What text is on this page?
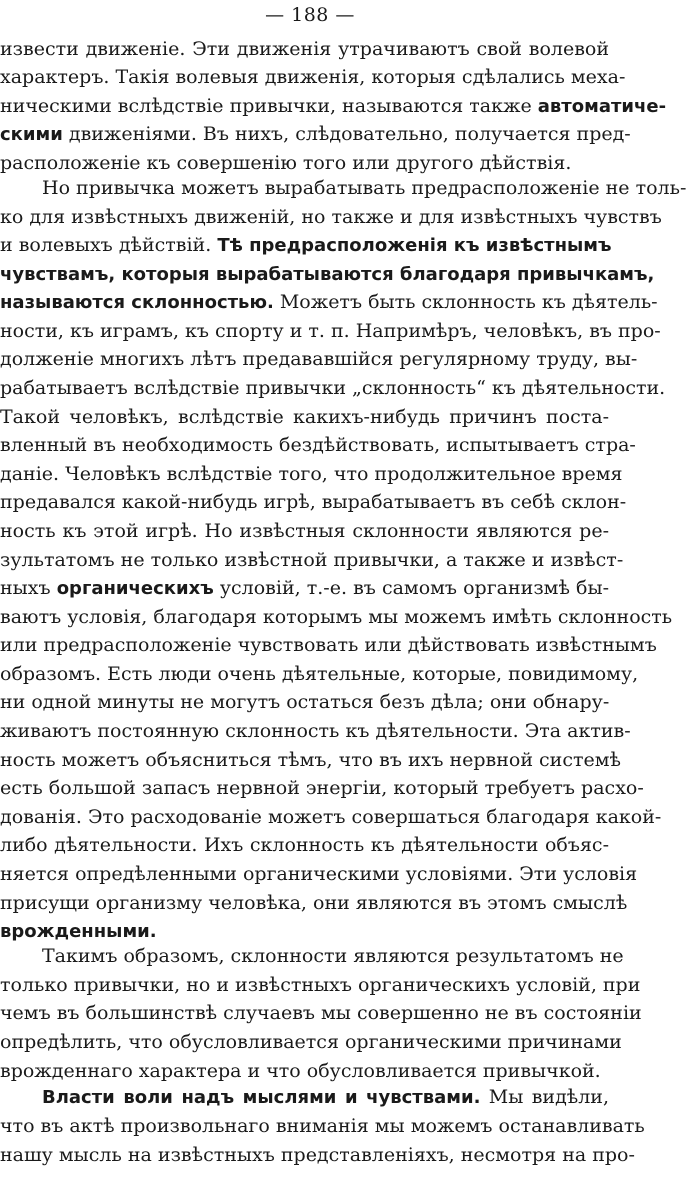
— 188 —
извести движеніе. Эти движенія утрачиваютъ свой волевой
характеръ. Такія волевыя движенія, которыя сдѣлались меха-
ническими вслѣдствіе привычки, называются также автоматиче-
скими движеніями. Въ нихъ, слѣдовательно, получается пред-
расположеніе къ совершенію того или другого дѣйствія.
Но привычка можетъ вырабатывать предрасположеніе не толь-
ко для извѣстныхъ движеній, но также и для извѣстныхъ чувствъ
и волевыхъ дѣйствій. Тѣ предрасположенія къ извѣстнымъ
чувствамъ, которыя вырабатываются благодаря привычкамъ,
называются склонностью. Можетъ быть склонность къ дѣятель-
ности, къ играмъ, къ спорту и т. п. Напримѣръ, человѣкъ, въ про-
долженіе многихъ лѣтъ предававшійся регулярному труду, вы-
рабатываетъ вслѣдствіе привычки „склонность“ къ дѣятельности.
Такой человѣкъ, вслѣдствіе какихъ-нибудь причинъ поста-
вленный въ необходимость бездѣйствовать, испытываетъ стра-
даніе. Человѣкъ вслѣдствіе того, что продолжительное время
предавался какой-нибудь игрѣ, вырабатываетъ въ себѣ склон-
ность къ этой игрѣ. Но извѣстныя склонности являются ре-
зультатомъ не только извѣстной привычки, а также и извѣст-
ныхъ органическихъ условій, т.-е. въ самомъ организмѣ бы-
ваютъ условія, благодаря которымъ мы можемъ имѣть склонность
или предрасположеніе чувствовать или дѣйствовать извѣстнымъ
образомъ. Есть люди очень дѣятельные, которые, повидимому,
ни одной минуты не могутъ остаться безъ дѣла; они обнару-
живаютъ постоянную склонность къ дѣятельности. Эта актив-
ность можетъ объясниться тѣмъ, что въ ихъ нервной системѣ
есть большой запасъ нервной энергіи, который требуетъ расхо-
дованія. Это расходованіе можетъ совершаться благодаря какой-
либо дѣятельности. Ихъ склонность къ дѣятельности объяс-
няется опредѣленными органическими условіями. Эти условія
присущи организму человѣка, они являются въ этомъ смыслѣ
врожденными.
Такимъ образомъ, склонности являются результатомъ не
только привычки, но и извѣстныхъ органическихъ условій, при
чемъ въ большинствѣ случаевъ мы совершенно не въ состояніи
опредѣлить, что обусловливается органическими причинами
врожденнаго характера и что обусловливается привычкой.
Власти воли надъ мыслями и чувствами. Мы видѣли,
что въ актѣ произвольнаго вниманія мы можемъ останавливать
нашу мысль на извѣстныхъ представленіяхъ, несмотря на про-
